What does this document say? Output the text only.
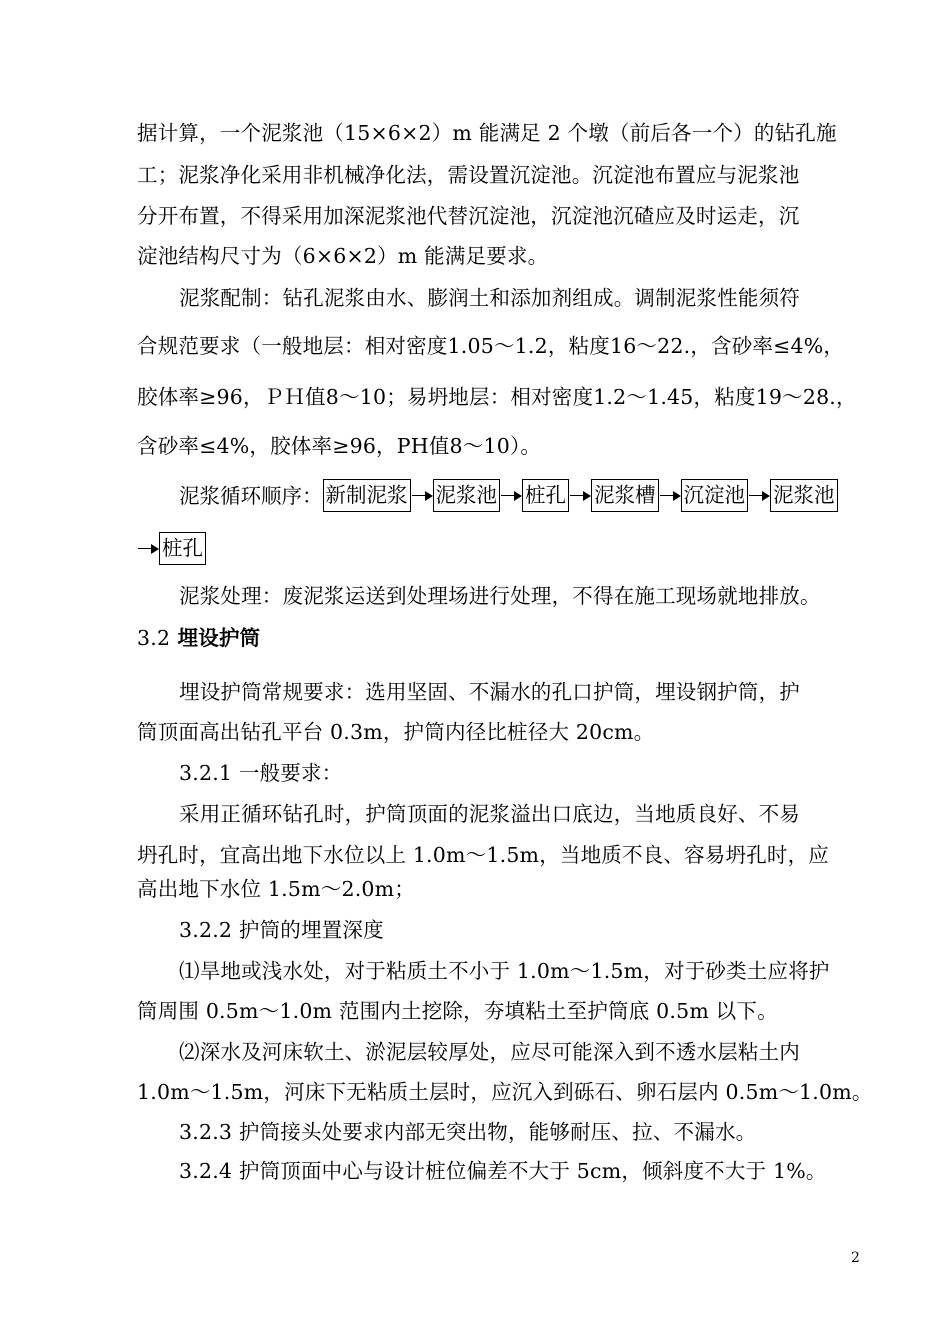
据计算，一个泥浆池（15×6×2）m 能满足 2 个墩（前后各一个）的钻孔施
工；泥浆净化采用非机械净化法，需设置沉淀池。沉淀池布置应与泥浆池
分开布置，不得采用加深泥浆池代替沉淀池，沉淀池沉碴应及时运走，沉
淀池结构尺寸为（6×6×2）m 能满足要求。
泥浆配制：钻孔泥浆由水、膨润土和添加剂组成。调制泥浆性能须符
合规范要求（一般地层：相对密度1.05～1.2，粘度16～22.，含砂率≤4%，
胶体率≥96，ＰＨ值8～10；易坍地层：相对密度1.2～1.45，粘度19～28.，
含砂率≤4%，胶体率≥96，PH值8～10）。
泥浆循环顺序： 新制泥浆 泥浆池 桩孔 泥浆槽 沉淀池 泥浆池
桩孔
泥浆处理：废泥浆运送到处理场进行处理，不得在施工现场就地排放。
3.2 埋设护筒
埋设护筒常规要求：选用坚固、不漏水的孔口护筒，埋设钢护筒，护
筒顶面高出钻孔平台 0.3m，护筒内径比桩径大 20cm。
3.2.1 一般要求：
采用正循环钻孔时，护筒顶面的泥浆溢出口底边，当地质良好、不易
坍孔时，宜高出地下水位以上 1.0m～1.5m，当地质不良、容易坍孔时，应
高出地下水位 1.5m～2.0m；
3.2.2 护筒的埋置深度
⑴旱地或浅水处，对于粘质土不小于 1.0m～1.5m，对于砂类土应将护
筒周围 0.5m～1.0m 范围内土挖除，夯填粘土至护筒底 0.5m 以下。
⑵深水及河床软土、淤泥层较厚处，应尽可能深入到不透水层粘土内
1.0m～1.5m，河床下无粘质土层时，应沉入到砾石、卵石层内 0.5m～1.0m。
3.2.3 护筒接头处要求内部无突出物，能够耐压、拉、不漏水。
3.2.4 护筒顶面中心与设计桩位偏差不大于 5cm，倾斜度不大于 1%。
2
